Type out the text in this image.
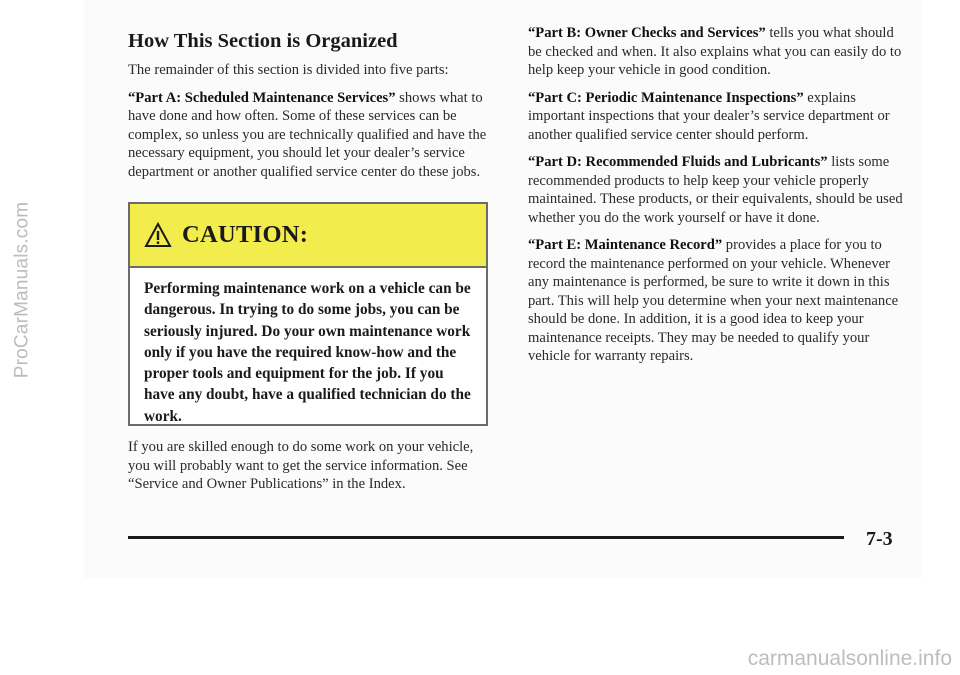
ProCarManuals.com
How This Section is Organized

The remainder of this section is divided into five parts:

“Part A: Scheduled Maintenance Services” shows what to have done and how often. Some of these services can be complex, so unless you are technically qualified and have the necessary equipment, you should let your dealer’s service department or another qualified service center do these jobs.

CAUTION:
Performing maintenance work on a vehicle can be dangerous. In trying to do some jobs, you can be seriously injured. Do your own maintenance work only if you have the required know-how and the proper tools and equipment for the job. If you have any doubt, have a qualified technician do the work.

If you are skilled enough to do some work on your vehicle, you will probably want to get the service information. See “Service and Owner Publications” in the Index.

“Part B: Owner Checks and Services” tells you what should be checked and when. It also explains what you can easily do to help keep your vehicle in good condition.

“Part C: Periodic Maintenance Inspections” explains important inspections that your dealer’s service department or another qualified service center should perform.

“Part D: Recommended Fluids and Lubricants” lists some recommended products to help keep your vehicle properly maintained. These products, or their equivalents, should be used whether you do the work yourself or have it done.

“Part E: Maintenance Record” provides a place for you to record the maintenance performed on your vehicle. Whenever any maintenance is performed, be sure to write it down in this part. This will help you determine when your next maintenance should be done. In addition, it is a good idea to keep your maintenance receipts. They may be needed to qualify your vehicle for warranty repairs.

7-3
carmanualsonline.info
